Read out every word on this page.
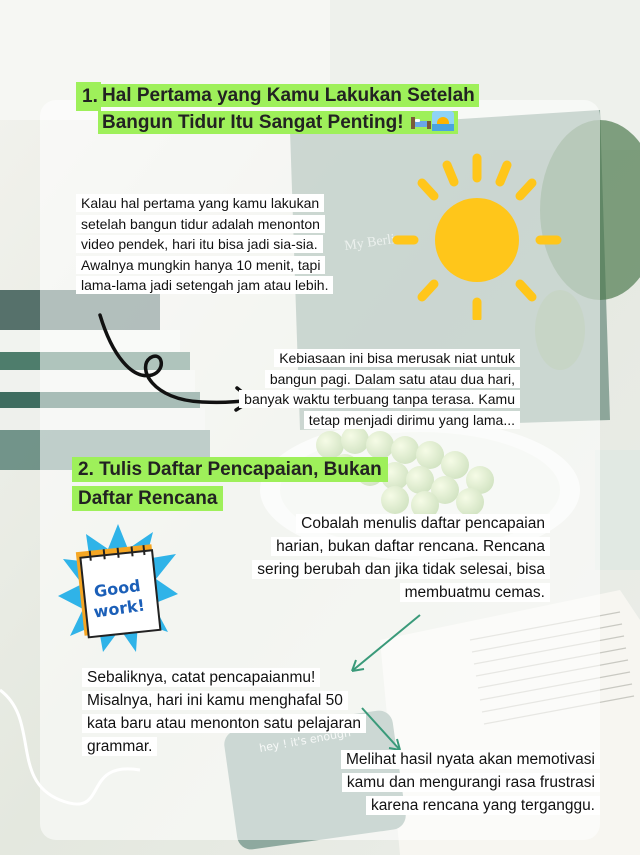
1. Hal Pertama yang Kamu Lakukan Setelah Bangun Tidur Itu Sangat Penting!
Kalau hal pertama yang kamu lakukan setelah bangun tidur adalah menonton video pendek, hari itu bisa jadi sia-sia. Awalnya mungkin hanya 10 menit, tapi lama-lama jadi setengah jam atau lebih.
Kebiasaan ini bisa merusak niat untuk bangun pagi. Dalam satu atau dua hari, banyak waktu terbuang tanpa terasa. Kamu tetap menjadi dirimu yang lama...
2. Tulis Daftar Pencapaian, Bukan Daftar Rencana
Good
work!
Cobalah menulis daftar pencapaian harian, bukan daftar rencana. Rencana sering berubah dan jika tidak selesai, bisa membuatmu cemas.
Sebaliknya, catat pencapaianmu! Misalnya, hari ini kamu menghafal 50 kata baru atau menonton satu pelajaran grammar.
Melihat hasil nyata akan memotivasi kamu dan mengurangi rasa frustrasi karena rencana yang terganggu.
